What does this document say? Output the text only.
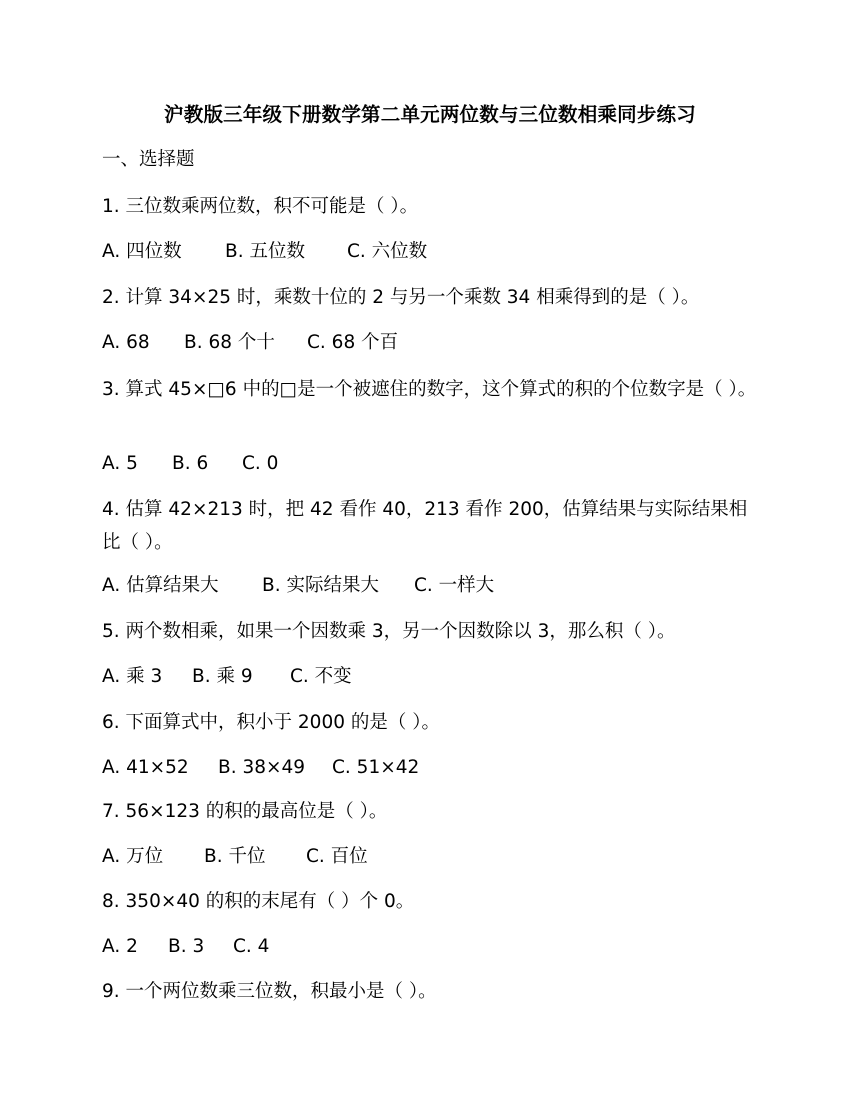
沪教版三年级下册数学第二单元两位数与三位数相乘同步练习
一、选择题
1. 三位数乘两位数，积不可能是（ ）。
A. 四位数 B. 五位数 C. 六位数
2. 计算 34×25 时，乘数十位的 2 与另一个乘数 34 相乘得到的是（ ）。
A. 68 B. 68 个十 C. 68 个百
3. 算式 45×□6 中的□是一个被遮住的数字，这个算式的积的个位数字是（ ）。
A. 5 B. 6 C. 0
4. 估算 42×213 时，把 42 看作 40，213 看作 200，估算结果与实际结果相比（ ）。
A. 估算结果大 B. 实际结果大 C. 一样大
5. 两个数相乘，如果一个因数乘 3，另一个因数除以 3，那么积（ ）。
A. 乘 3 B. 乘 9 C. 不变
6. 下面算式中，积小于 2000 的是（ ）。
A. 41×52 B. 38×49 C. 51×42
7. 56×123 的积的最高位是（ ）。
A. 万位 B. 千位 C. 百位
8. 350×40 的积的末尾有（ ）个 0。
A. 2 B. 3 C. 4
9. 一个两位数乘三位数，积最小是（ ）。
